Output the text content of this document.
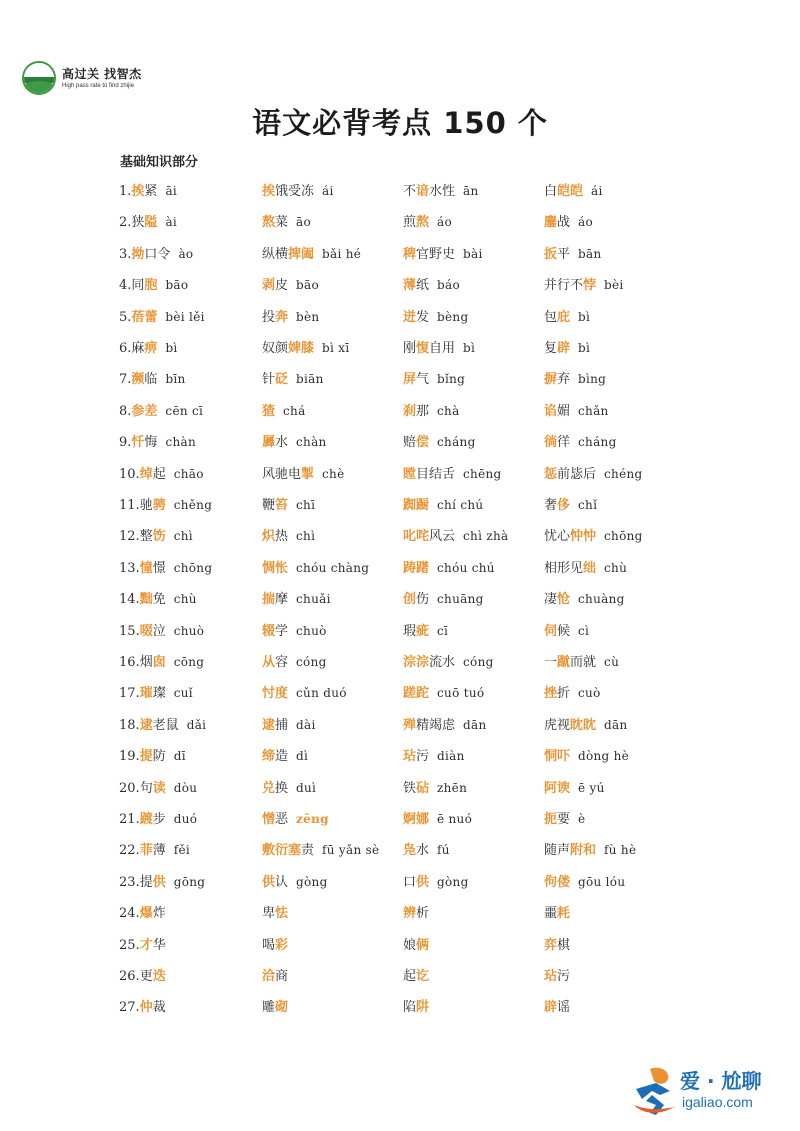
高过关 找智杰
High pass rate to find zhijie
语文必背考点 150 个
基础知识部分
1.挨紧 āi	挨饿受冻 ái	不谙水性 ān	白皑皑 ái
2.狭隘 ài	熬菜 āo	煎熬 áo	鏖战 áo
3.拗口令 ào	纵横捭阖 bǎi hé	稗官野史 bài	扳平 bān
4.同胞 bāo	剥皮 bāo	薄纸 báo	并行不悖 bèi
5.蓓蕾 bèi lěi	投奔 bèn	迸发 bèng	包庇 bì
6.麻痹 bì	奴颜婢膝 bì xī	刚愎自用 bì	复辟 bì
7.濒临 bīn	针砭 biān	屏气 bǐng	摒弃 bìng
8.参差 cēn cī	猹 chá	刹那 chà	谄媚 chǎn
9.忏悔 chàn	羼水 chàn	赔偿 cháng	徜徉 cháng
10.绰起 chāo	风驰电掣 chè	瞠目结舌 chēng	惩前毖后 chéng
11.驰骋 chěng	鞭笞 chī	踟蹰 chí chú	奢侈 chǐ
12.整饬 chì	炽热 chì	叱咤风云 chì zhà	忧心忡忡 chōng
13.憧憬 chōng	惆怅 chóu chàng	踌躇 chóu chú	相形见绌 chù
14.黜免 chù	揣摩 chuǎi	创伤 chuāng	凄怆 chuàng
15.啜泣 chuò	辍学 chuò	瑕疵 cī	伺候 cì
16.烟囱 cōng	从容 cóng	淙淙流水 cóng	一蹴而就 cù
17.璀璨 cuǐ	忖度 cǔn duó	蹉跎 cuō tuó	挫折 cuò
18.逮老鼠 dǎi	逮捕 dài	殚精竭虑 dān	虎视眈眈 dān
19.提防 dī	缔造 dì	玷污 diàn	恫吓 dòng hè
20.句读 dòu	兑换 duì	铁砧 zhēn	阿谀 ē yú
21.踱步 duó	憎恶 zēng	婀娜 ē nuó	扼要 è
22.菲薄 fěi	敷衍塞责 fū yǎn sè 凫水 fú	随声附和 fù hè
23.提供 gōng	供认 gòng	口供 gòng	佝偻 gōu lóu
24.爆炸	卑怯	辨析	噩耗
25.才华	喝彩	娘俩	弈棋
26.更迭	洽商	起讫	玷污
27.仲裁	雕砌	陷阱	辟谣
爱 · 尬聊
igaliao.com
